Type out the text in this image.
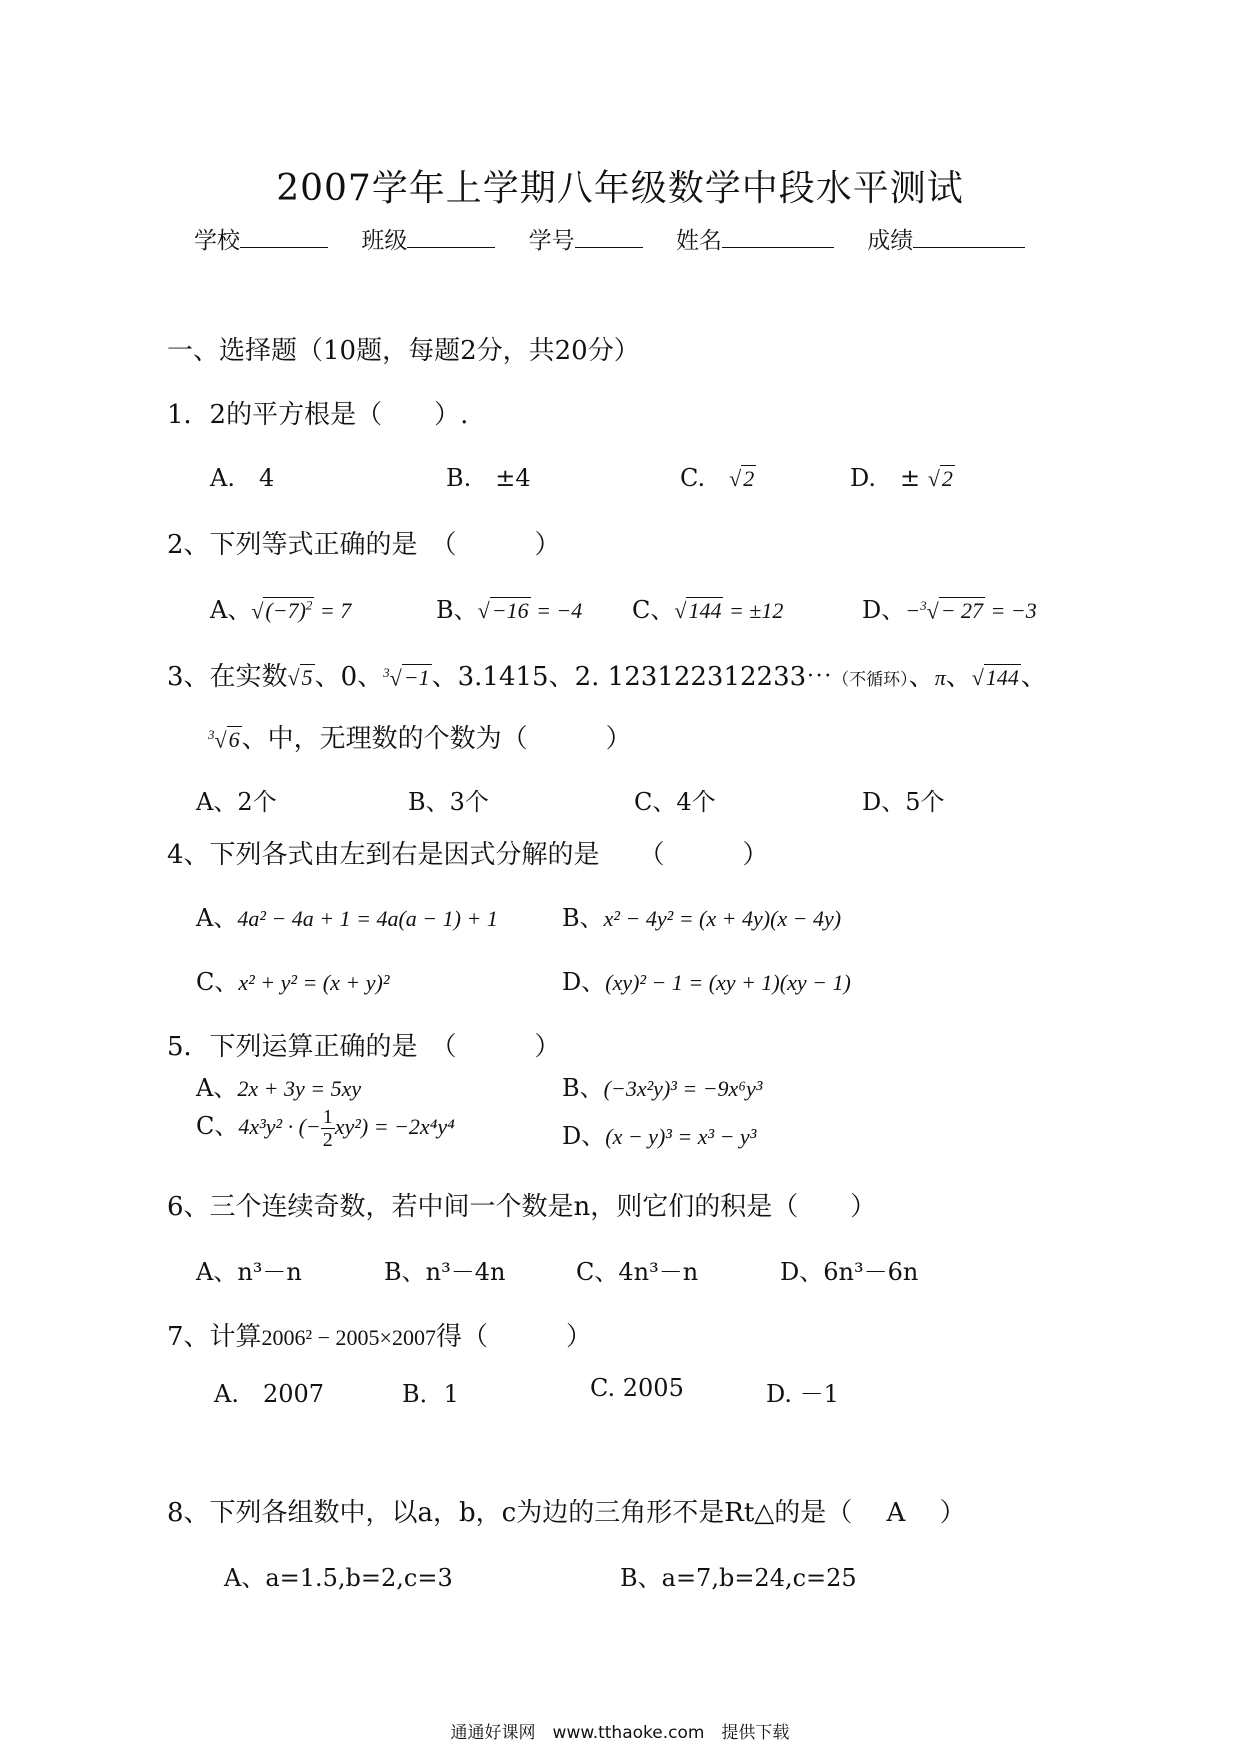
2007学年上学期八年级数学中段水平测试
学校	班级	学号	姓名	成绩
一、选择题（10题，每题2分，共20分）
1．2的平方根是（　　）.
A.　4	B.　±4	C.　 √2	D.　± √2
2、下列等式正确的是　（　　　）
A、$√(-7)^2 = 7$	B、√−16 = −4 C、√144 = ±12	D、−$^3$√− 27 = −3
3、在实数√5、0、$^3$√−1、3.1415、2. 123122312233⋯（不循环）、π、√144、
$^3$√6、中，无理数的个数为（　　　）
A、2个	B、3个	C、4个	D、5个
4、下列各式由左到右是因式分解的是　　（　　　）
A、4a² − 4a + 1 = 4a(a − 1) + 1	B、x² − 4y² = (x + 4y)(x − 4y)
C、x² + y² = (x + y)²	D、(xy)² − 1 = (xy + 1)(xy − 1)
5．下列运算正确的是　（　　　）
A、2x + 3y = 5xy	B、(−3x²y)³ = −9x⁶y³
C、4x³y² · (− $\frac{1}{2} xy^2) = -2x^4y^4$	D、(x − y)³ = x³ − y³
6、三个连续奇数，若中间一个数是n，则它们的积是（　　）
A、n³－n	B、n³－4n	C、4n³－n	D、6n³－6n
7、计算2006² − 2005×2007得（　　　）
A.　2007	B．1	C. 2005	D. －1
8、下列各组数中，以a，b，c为边的三角形不是Rt△的是（　 A　 ）
A、a=1.5,b=2,c=3	B、a=7,b=24,c=25
通通好课网　www.tthaoke.com　提供下载
